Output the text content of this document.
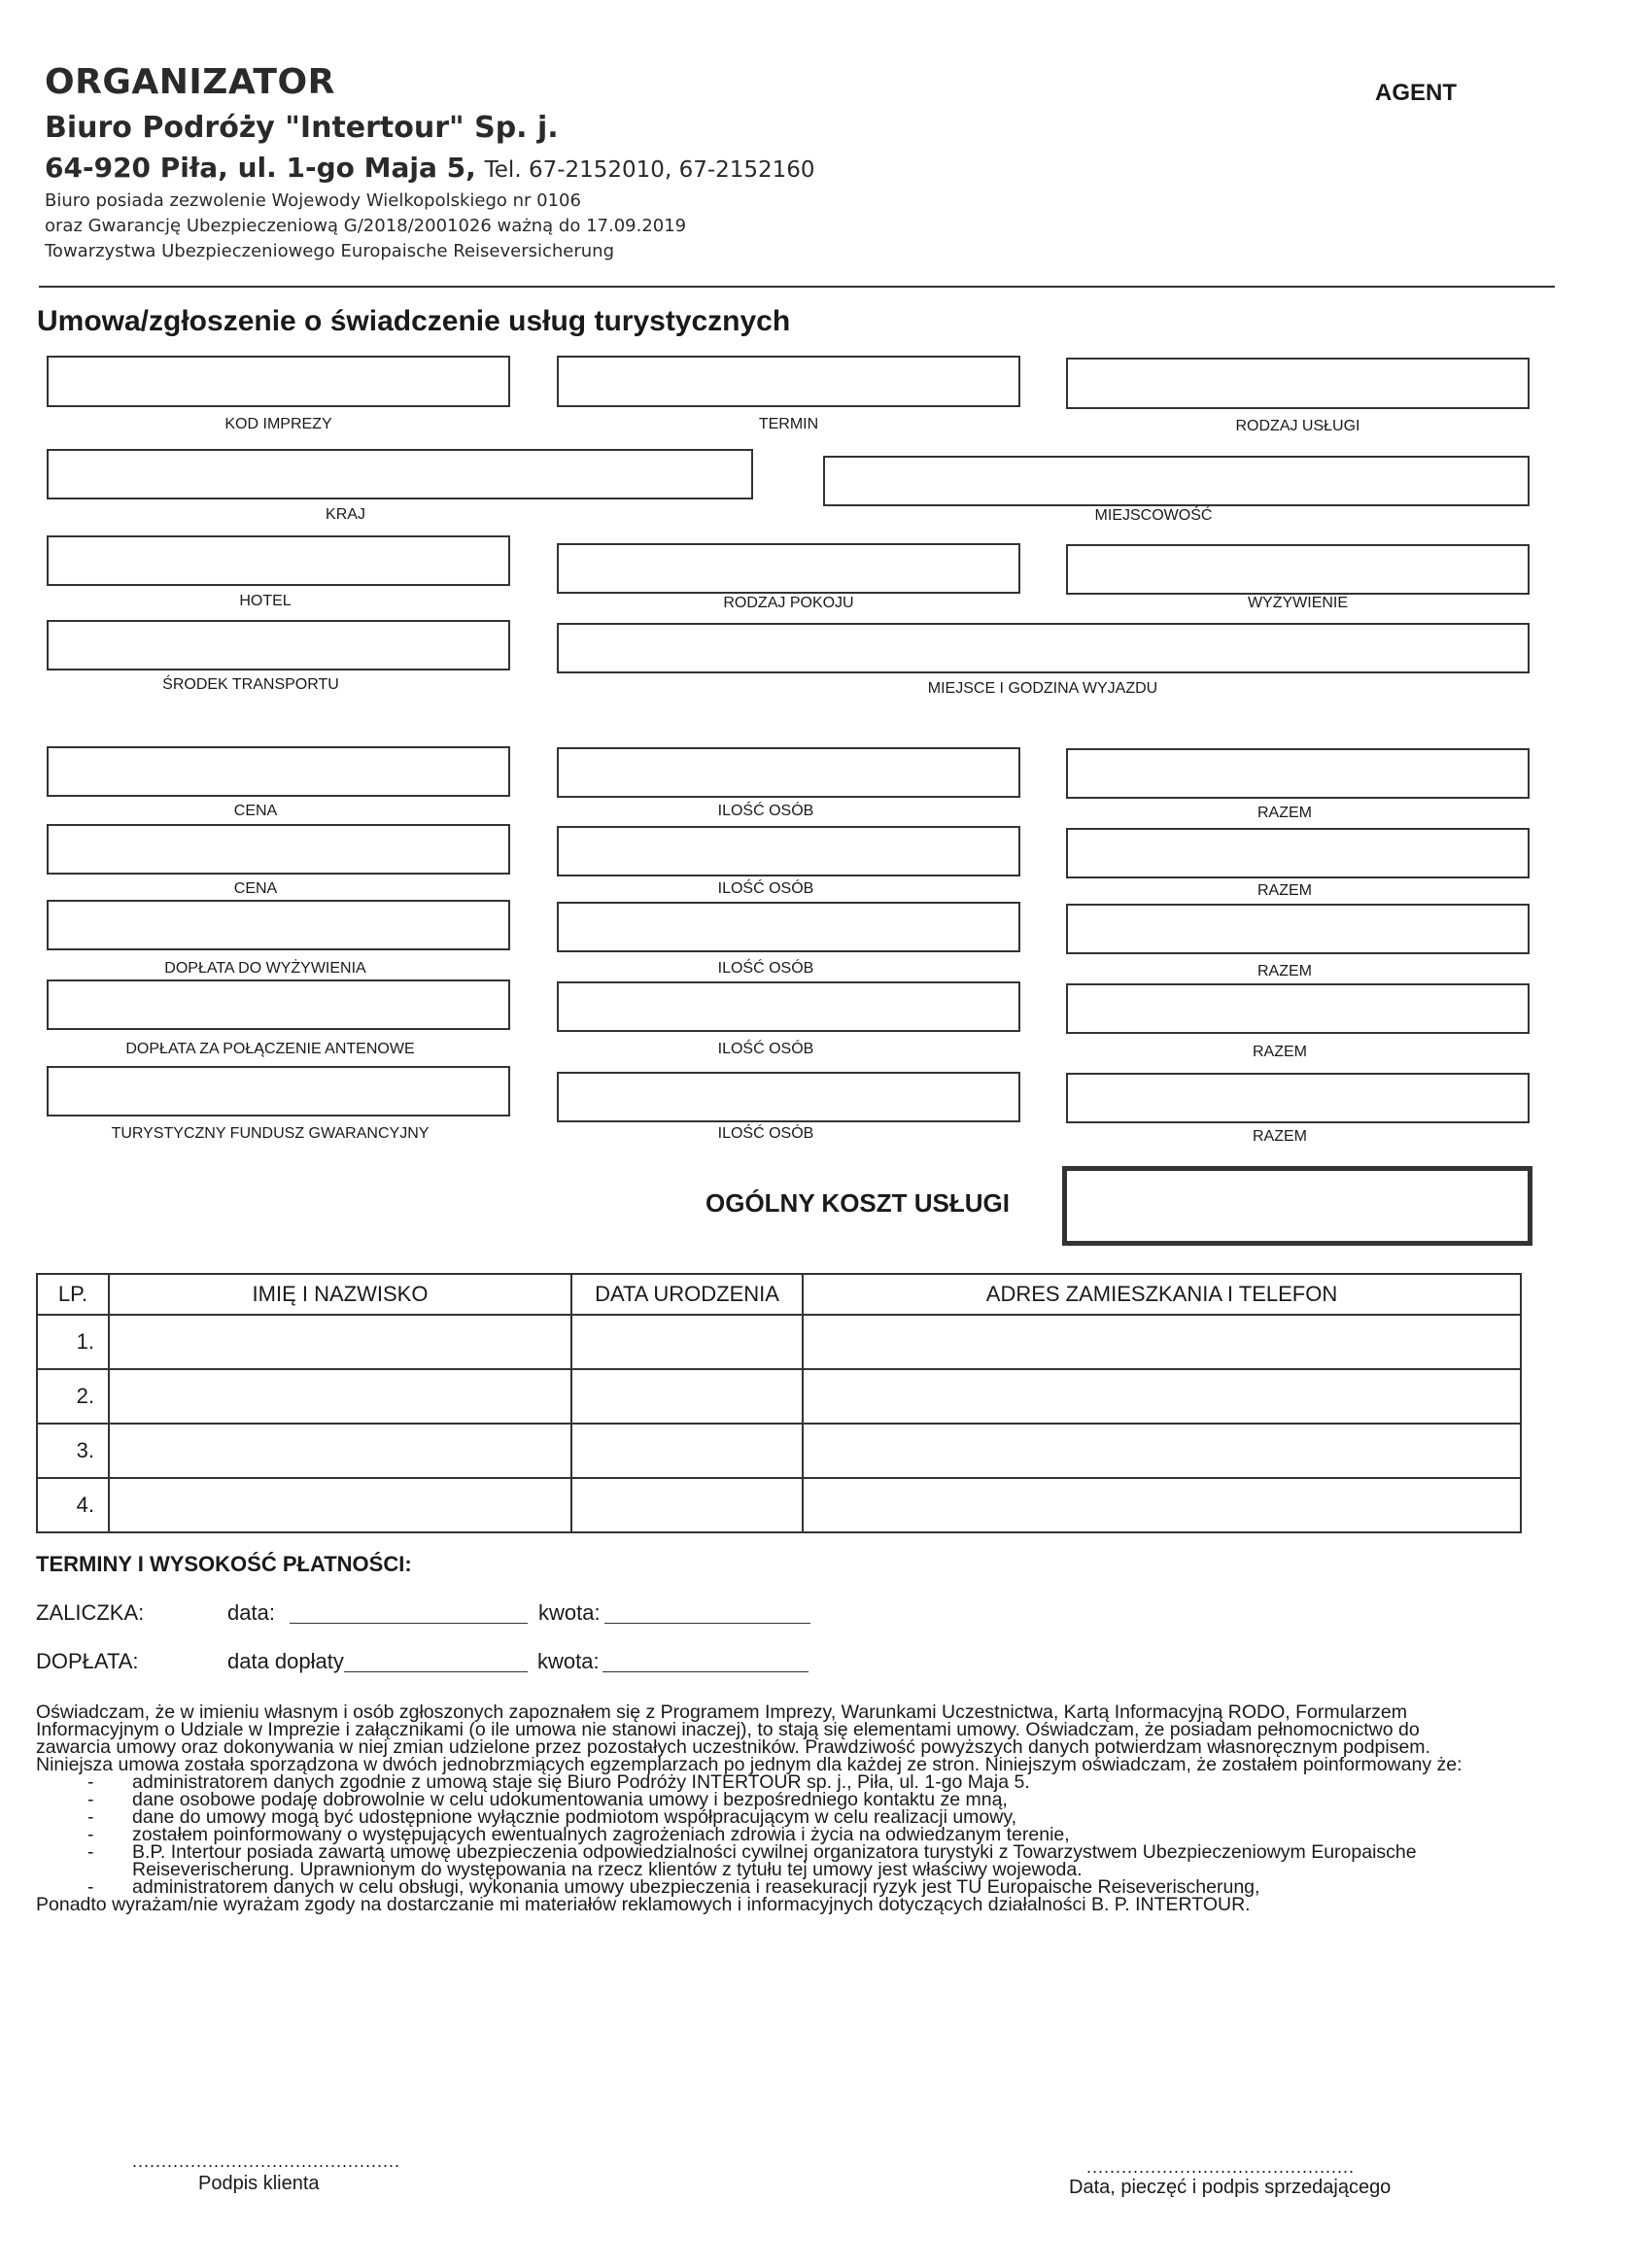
ORGANIZATOR
Biuro Podróży "Intertour" Sp. j.
64-920 Piła, ul. 1-go Maja 5, Tel. 67-2152010, 67-2152160
Biuro posiada zezwolenie Wojewody Wielkopolskiego nr 0106
oraz Gwarancję Ubezpieczeniową G/2018/2001026 ważną do 17.09.2019
Towarzystwa Ubezpieczeniowego Europaische Reiseversicherung
AGENT
Umowa/zgłoszenie o świadczenie usług turystycznych
KOD IMPREZY	TERMIN	RODZAJ USŁUGI
KRAJ	MIEJSCOWOŚĆ
HOTEL	RODZAJ POKOJU	WYŻYWIENIE
ŚRODEK TRANSPORTU	MIEJSCE I GODZINA WYJAZDU
CENA	ILOŚĆ OSÓB	RAZEM
CENA	ILOŚĆ OSÓB	RAZEM
DOPŁATA DO WYŻYWIENIA	ILOŚĆ OSÓB	RAZEM
DOPŁATA ZA POŁĄCZENIE ANTENOWE	ILOŚĆ OSÓB	RAZEM
TURYSTYCZNY FUNDUSZ GWARANCYJNY	ILOŚĆ OSÓB	RAZEM
OGÓLNY KOSZT USŁUGI
LP.	IMIĘ I NAZWISKO	DATA URODZENIA	ADRES ZAMIESZKANIA I TELEFON
1.			
2.			
3.			
4.			
TERMINY I WYSOKOŚĆ PŁATNOŚCI:
ZALICZKA:	data:	kwota:
DOPŁATA:	data dopłaty	kwota:
Oświadczam, że w imieniu własnym i osób zgłoszonych zapoznałem się z Programem Imprezy, Warunkami Uczestnictwa, Kartą Informacyjną RODO, Formularzem
Informacyjnym o Udziale w Imprezie i załącznikami (o ile umowa nie stanowi inaczej), to stają się elementami umowy. Oświadczam, że posiadam pełnomocnictwo do
zawarcia umowy oraz dokonywania w niej zmian udzielone przez pozostałych uczestników. Prawdziwość powyższych danych potwierdzam własnoręcznym podpisem.
Niniejsza umowa została sporządzona w dwóch jednobrzmiących egzemplarzach po jednym dla każdej ze stron. Niniejszym oświadczam, że zostałem poinformowany że:
- administratorem danych zgodnie z umową staje się Biuro Podróży INTERTOUR sp. j., Piła, ul. 1-go Maja 5.
- dane osobowe podaję dobrowolnie w celu udokumentowania umowy i bezpośredniego kontaktu ze mną,
- dane do umowy mogą być udostępnione wyłącznie podmiotom współpracującym w celu realizacji umowy,
- zostałem poinformowany o występujących ewentualnych zagrożeniach zdrowia i życia na odwiedzanym terenie,
- B.P. Intertour posiada zawartą umowę ubezpieczenia odpowiedzialności cywilnej organizatora turystyki z Towarzystwem Ubezpieczeniowym Europaische
Reiseverischerung. Uprawnionym do występowania na rzecz klientów z tytułu tej umowy jest właściwy wojewoda.
- administratorem danych w celu obsługi, wykonania umowy ubezpieczenia i reasekuracji ryzyk jest TU Europaische Reiseverischerung,
Ponadto wyrażam/nie wyrażam zgody na dostarczanie mi materiałów reklamowych i informacyjnych dotyczących działalności B. P. INTERTOUR.
..............................................
Podpis klienta
..............................................
Data, pieczęć i podpis sprzedającego
